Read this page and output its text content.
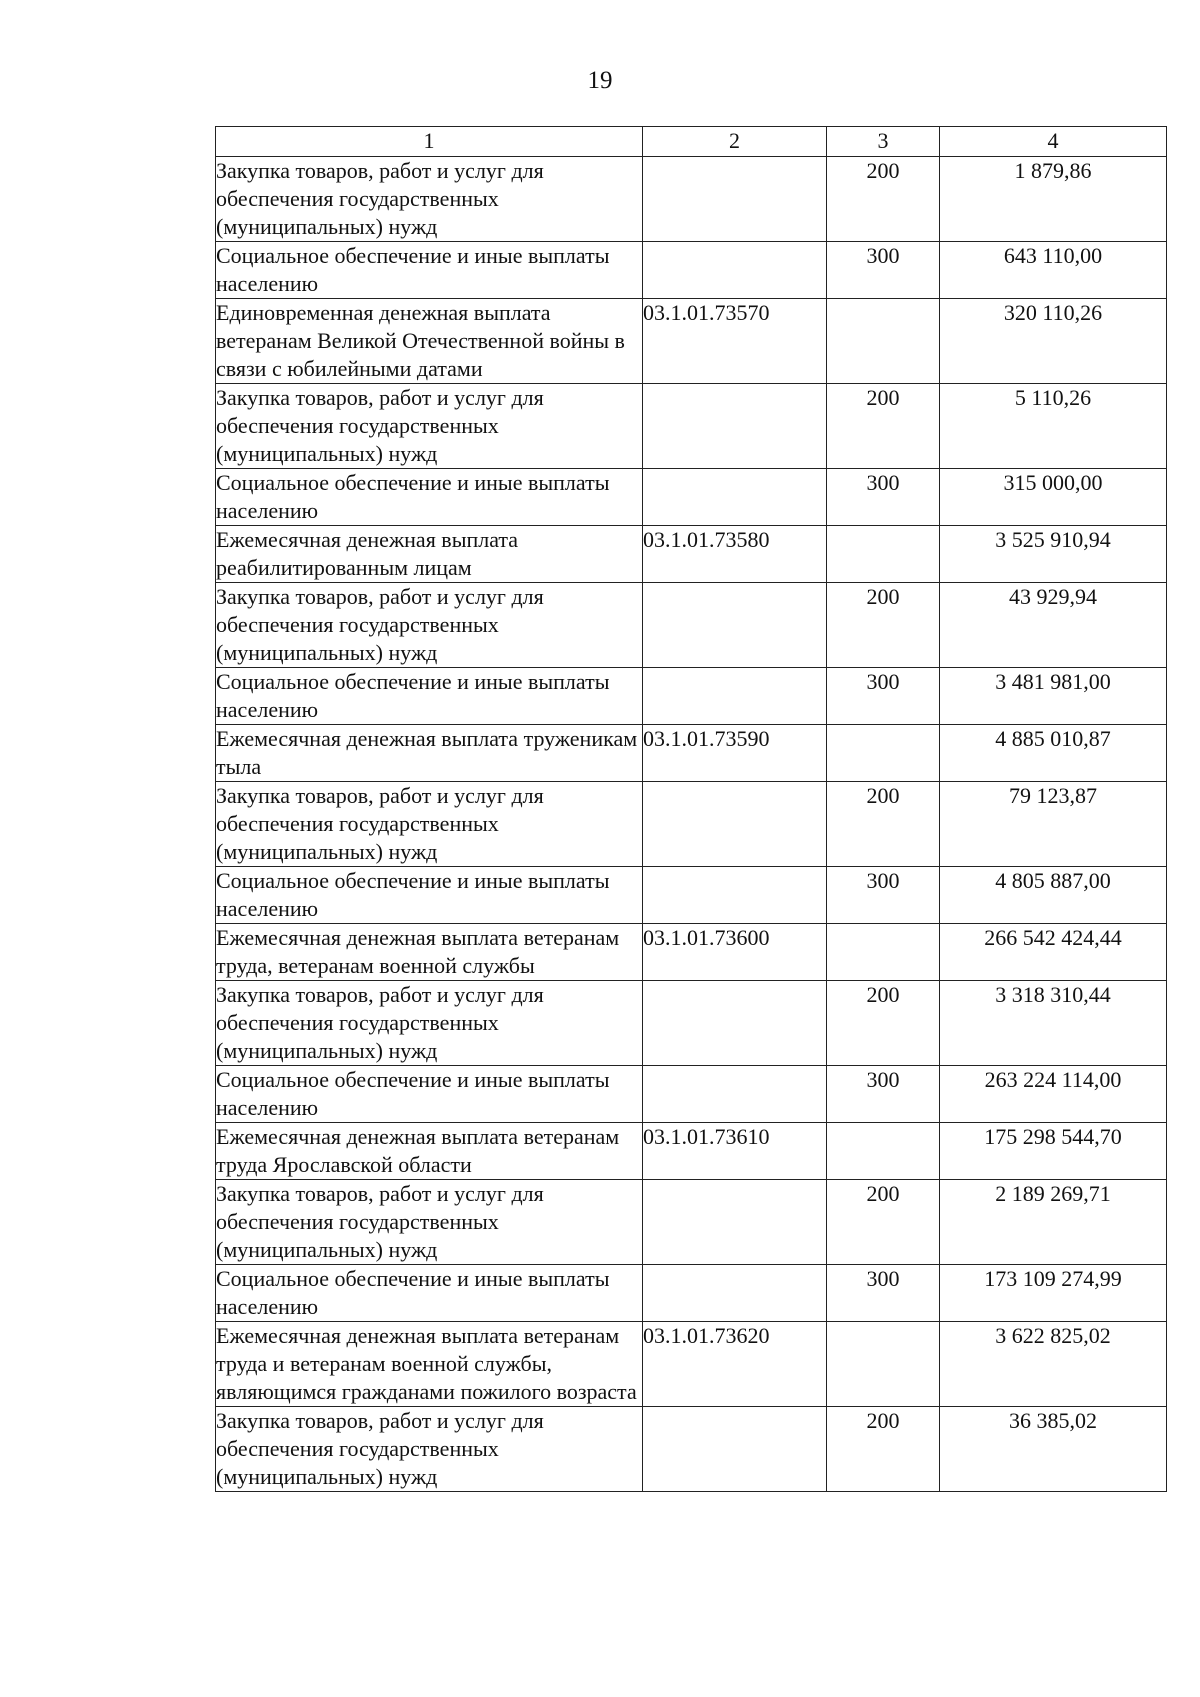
19
1	2	3	4
Закупка товаров, работ и услуг для обеспечения государственных (муниципальных) нужд		200	1 879,86
Социальное обеспечение и иные выплаты населению		300	643 110,00
Единовременная денежная выплата ветеранам Великой Отечественной войны в связи с юбилейными датами	03.1.01.73570		320 110,26
Закупка товаров, работ и услуг для обеспечения государственных (муниципальных) нужд		200	5 110,26
Социальное обеспечение и иные выплаты населению		300	315 000,00
Ежемесячная денежная выплата реабилитированным лицам	03.1.01.73580		3 525 910,94
Закупка товаров, работ и услуг для обеспечения государственных (муниципальных) нужд		200	43 929,94
Социальное обеспечение и иные выплаты населению		300	3 481 981,00
Ежемесячная денежная выплата труженикам тыла	03.1.01.73590		4 885 010,87
Закупка товаров, работ и услуг для обеспечения государственных (муниципальных) нужд		200	79 123,87
Социальное обеспечение и иные выплаты населению		300	4 805 887,00
Ежемесячная денежная выплата ветеранам труда, ветеранам военной службы	03.1.01.73600		266 542 424,44
Закупка товаров, работ и услуг для обеспечения государственных (муниципальных) нужд		200	3 318 310,44
Социальное обеспечение и иные выплаты населению		300	263 224 114,00
Ежемесячная денежная выплата ветеранам труда Ярославской области	03.1.01.73610		175 298 544,70
Закупка товаров, работ и услуг для обеспечения государственных (муниципальных) нужд		200	2 189 269,71
Социальное обеспечение и иные выплаты населению		300	173 109 274,99
Ежемесячная денежная выплата ветеранам труда и ветеранам военной службы, являющимся гражданами пожилого возраста	03.1.01.73620		3 622 825,02
Закупка товаров, работ и услуг для обеспечения государственных (муниципальных) нужд		200	36 385,02
